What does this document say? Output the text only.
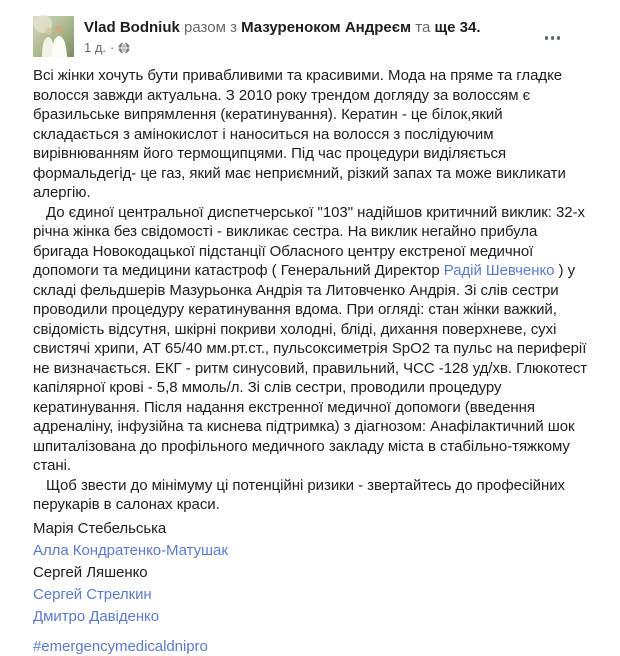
Vlad Bodniuk разом з Мазуреноком Андреєм та ще 34.
1 д. ·

Всі жінки хочуть бути привабливими та красивими. Мода на пряме та гладке волосся завжди актуальна. З 2010 року трендом догляду за волоссям є бразильське випрямлення (кератинування). Кератин - це білок,який складається з амінокислот і наноситься на волосся з послідуючим вирівнюванням його термощипцями. Під час процедури виділяється формальдегід- це газ, який має неприємний, різкий запах та може викликати алергію.

До єдиної центральної диспетчерської "103" надійшов критичний виклик: 32-х річна жінка без свідомості - викликає сестра. На виклик негайно прибула бригада Новокодацької підстанції Обласного центру екстреної медичної допомоги та медицини катастроф ( Генеральний Директор Радій Шевченко ) у складі фельдшерів Мазурьонка Андрія та Литовченко Андрія. Зі слів сестри проводили процедуру кератинування вдома. При огляді: стан жінки важкий, свідомість відсутня, шкірні покриви холодні, бліді, дихання поверхневе, сухі свистячі хрипи, АТ 65/40 мм.рт.ст., пульсоксиметрія SpO2 та пульс на периферії не визначається. ЕКГ - ритм синусовий, правильний, ЧСС -128 уд/хв. Глюкотест капілярної крові - 5,8 ммоль/л. Зі слів сестри, проводили процедуру кератинування. Після надання екстренної медичної допомоги (введення адреналіну, інфузійна та киснева підтримка) з діагнозом: Анафілактичний шок шпиталізована до профільного медичного закладу міста в стабільно-тяжкому стані.

Щоб звести до мінімуму ці потенційні ризики - звертайтесь до професійних перукарів в салонах краси.

Марія Стебельська
Алла Кондратенко-Матушак
Сергей Ляшенко
Сергей Стрелкин
Дмитро Давіденко
#emergencymedicaldnipro
